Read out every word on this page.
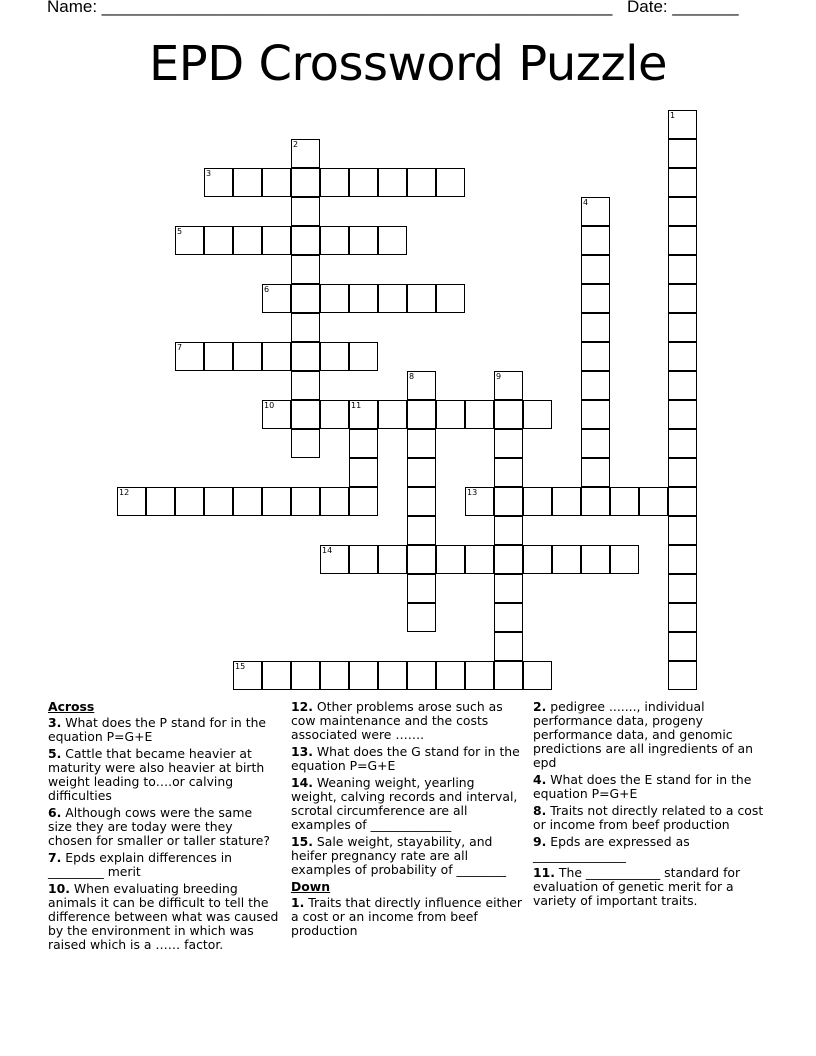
Name: ______________________________________________________ Date: _______
EPD Crossword Puzzle
1
2
3
4
5
6
7
8	9
10	11
12	13
14
15
Across
3. What does the P stand for in the equation P=G+E
5. Cattle that became heavier at maturity were also heavier at birth weight leading to….or calving difficulties
6. Although cows were the same size they are today were they chosen for smaller or taller stature?
7. Epds explain differences in _________ merit
10. When evaluating breeding animals it can be difficult to tell the difference between what was caused by the environment in which was raised which is a …… factor.
12. Other problems arose such as cow maintenance and the costs associated were …….
13. What does the G stand for in the equation P=G+E
14. Weaning weight, yearling weight, calving records and interval, scrotal circumference are all examples of _____________
15. Sale weight, stayability, and heifer pregnancy rate are all examples of probability of ________
Down
1. Traits that directly influence either a cost or an income from beef production
2. pedigree ......., individual performance data, progeny performance data, and genomic predictions are all ingredients of an epd
4. What does the E stand for in the equation P=G+E
8. Traits not directly related to a cost or income from beef production
9. Epds are expressed as _______________
11. The ____________ standard for evaluation of genetic merit for a variety of important traits.
